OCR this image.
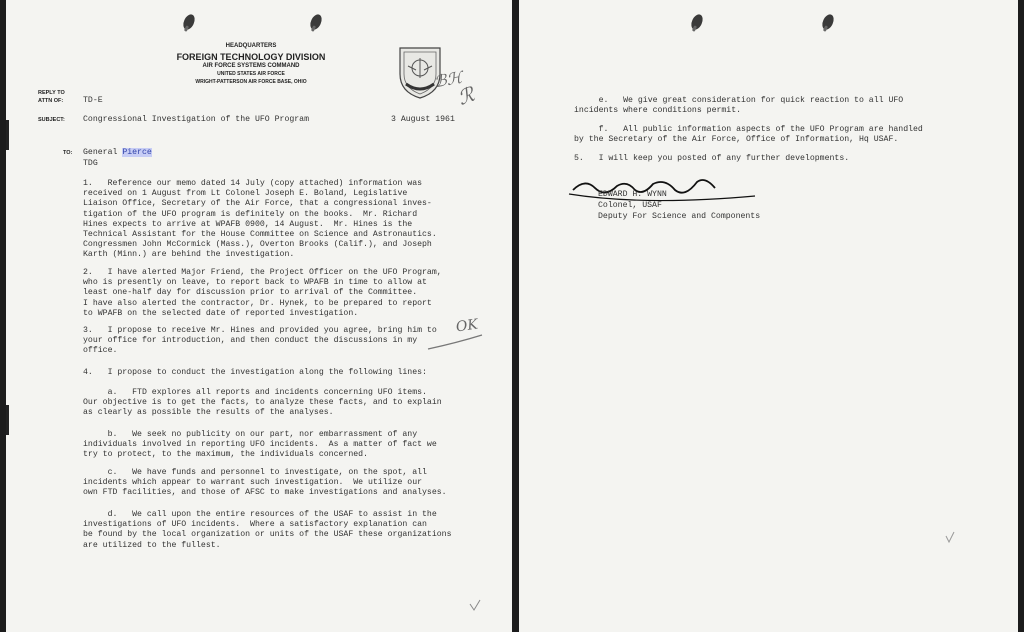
HEADQUARTERS
FOREIGN TECHNOLOGY DIVISION
AIR FORCE SYSTEMS COMMAND
UNITED STATES AIR FORCE
WRIGHT-PATTERSON AIR FORCE BASE, OHIO	ℬℋ
ℛ
REPLY TO
ATTN OF: TD-E
SUBJECT: Congressional Investigation of the UFO Program	3 August 1961
TO: General Pierce
TDG
1.   Reference our memo dated 14 July (copy attached) information was
received on 1 August from Lt Colonel Joseph E. Boland, Legislative
Liaison Office, Secretary of the Air Force, that a congressional inves-
tigation of the UFO program is definitely on the books.  Mr. Richard
Hines expects to arrive at WPAFB 0900, 14 August.  Mr. Hines is the
Technical Assistant for the House Committee on Science and Astronautics.
Congressmen John McCormick (Mass.), Overton Brooks (Calif.), and Joseph
Karth (Minn.) are behind the investigation.
2.   I have alerted Major Friend, the Project Officer on the UFO Program,
who is presently on leave, to report back to WPAFB in time to allow at
least one-half day for discussion prior to arrival of the Committee.
I have also alerted the contractor, Dr. Hynek, to be prepared to report
to WPAFB on the selected date of reported investigation.
3.   I propose to receive Mr. Hines and provided you agree, bring him to
your office for introduction, and then conduct the discussions in my
office.
OK
4.   I propose to conduct the investigation along the following lines:
a.   FTD explores all reports and incidents concerning UFO items.
Our objective is to get the facts, to analyze these facts, and to explain
as clearly as possible the results of the analyses.
b.   We seek no publicity on our part, nor embarrassment of any
individuals involved in reporting UFO incidents.  As a matter of fact we
try to protect, to the maximum, the individuals concerned.
c.   We have funds and personnel to investigate, on the spot, all
incidents which appear to warrant such investigation.  We utilize our
own FTD facilities, and those of AFSC to make investigations and analyses.
d.   We call upon the entire resources of the USAF to assist in the
investigations of UFO incidents.  Where a satisfactory explanation can
be found by the local organization or units of the USAF these organizations
are utilized to the fullest.
e.   We give great consideration for quick reaction to all UFO
incidents where conditions permit.
f.   All public information aspects of the UFO Program are handled
by the Secretary of the Air Force, Office of Information, Hq USAF.
5.   I will keep you posted of any further developments.
EDWARD H. WYNN
Colonel, USAF
Deputy For Science and Components
